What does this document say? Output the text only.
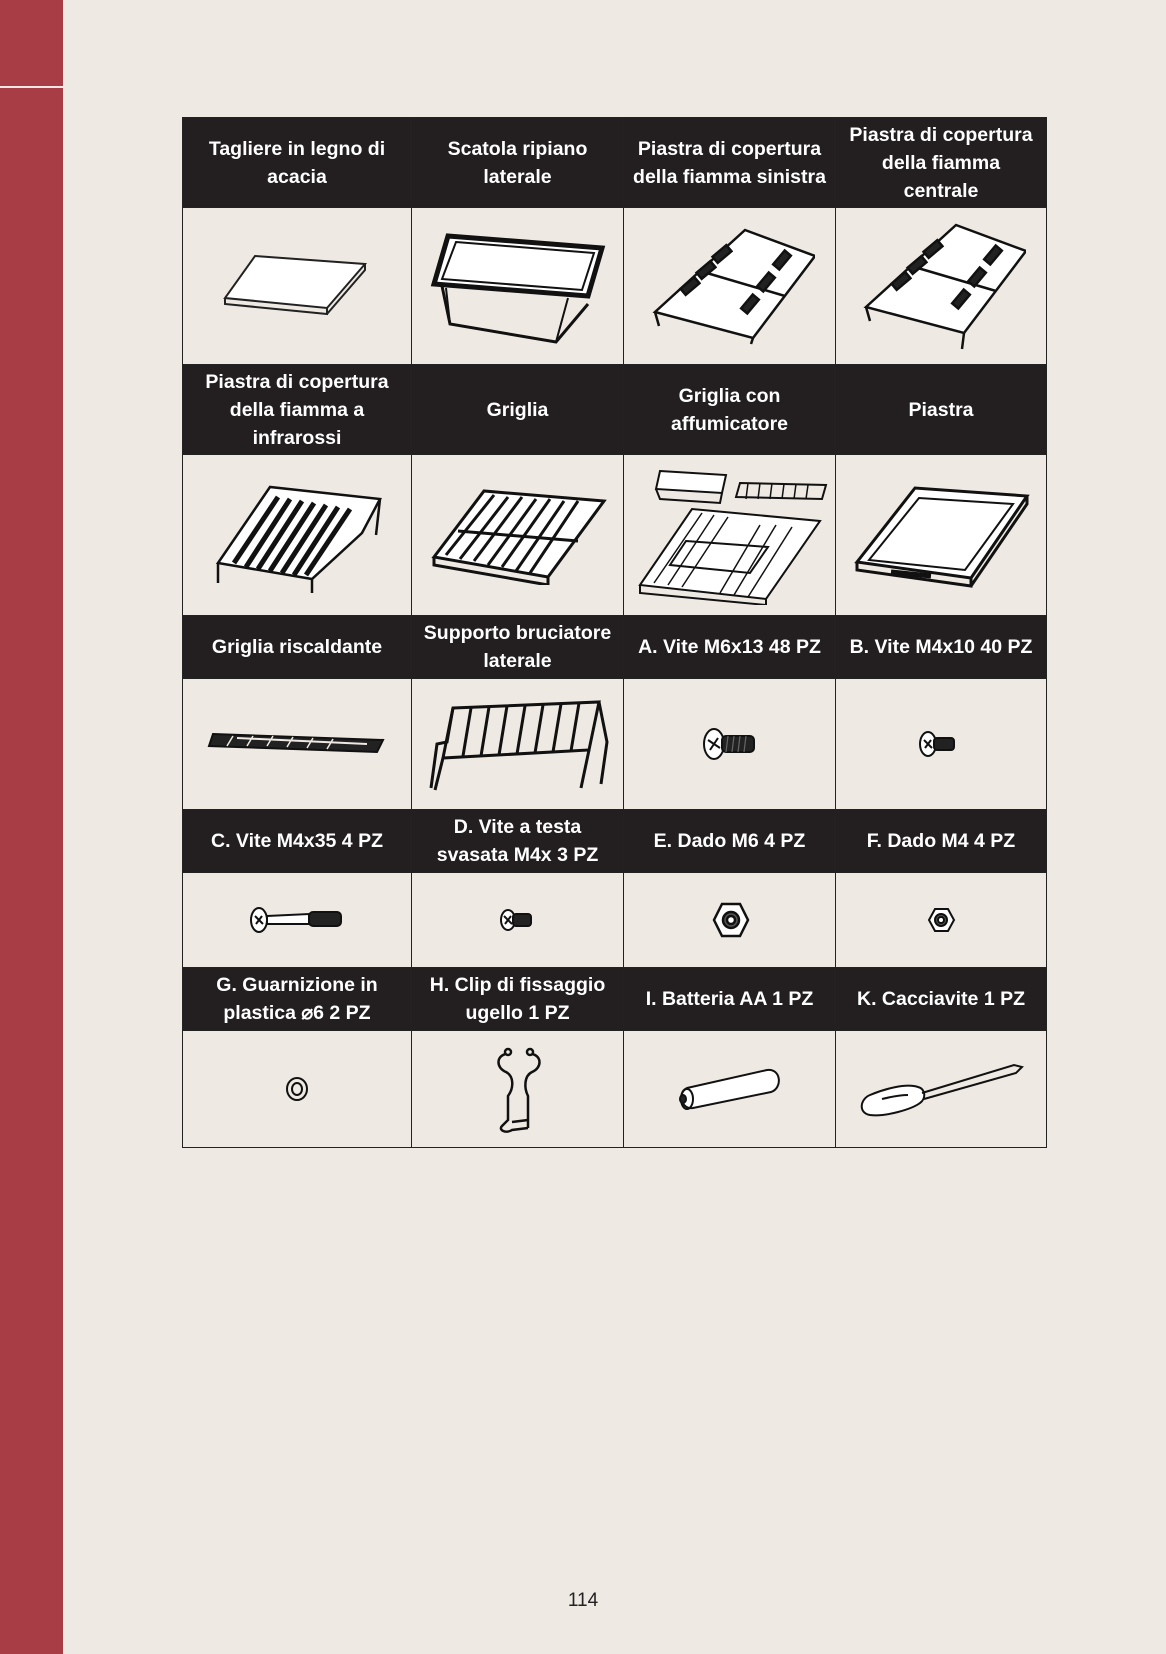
Tagliere in legno di acacia	Scatola ripiano laterale	Piastra di copertura della fiamma sinistra	Piastra di copertura della fiamma centrale

Piastra di copertura della fiamma a infrarossi	Griglia	Griglia con affumicatore	Piastra

Griglia riscaldante	Supporto bruciatore laterale	A. Vite M6x13 48 PZ	B. Vite M4x10 40 PZ

C. Vite M4x35 4 PZ	D. Vite a testa svasata M4x 3 PZ	E. Dado M6 4 PZ	F. Dado M4 4 PZ

G. Guarnizione in plastica ⌀6 2 PZ	H. Clip di fissaggio ugello 1 PZ	I. Batteria AA 1 PZ	K. Cacciavite 1 PZ

114
